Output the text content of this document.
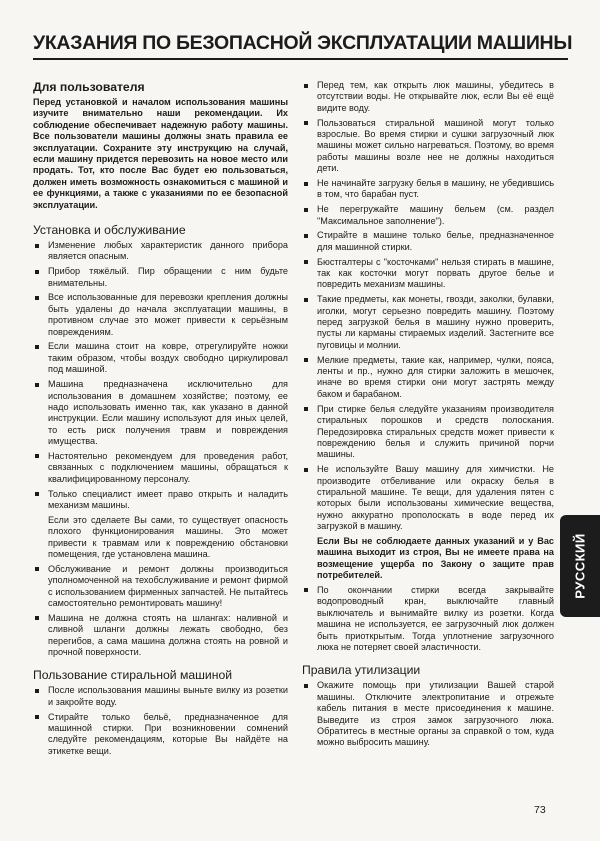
УКАЗАНИЯ ПО БЕЗОПАСНОЙ ЭКСПЛУАТАЦИИ МАШИНЫ
Для пользователя

Перед установкой и началом использования машины изучите внимательно наши рекомендации. Их соблюдение обеспечивает надежную работу машины. Все пользователи машины должны знать правила ее эксплуатации. Сохраните эту инструкцию на случай, если машину придется перевозить на новое место или продать. Тот, кто после Вас будет ею пользоваться, должен иметь возможность ознакомиться с машиной и ее функциями, а также с указаниями по ее безопасной эксплуатации.

Установка и обслуживание
Изменение любых характеристик данного прибора является опасным.
Прибор тяжёлый. Пир обращении с ним будьте внимательны.
Все использованные для перевозки крепления должны быть удалены до начала эксплуатации машины, в противном случае это может привести к серьёзным повреждениям.
Если машина стоит на ковре, отрегулируйте ножки таким образом, чтобы воздух свободно циркулировал под машиной.
Машина предназначена исключительно для использования в домашнем хозяйстве; поэтому, ее надо использовать именно так, как указано в данной инструкции. Если машину используют для иных целей, то есть риск получения травм и повреждения имущества.
Настоятельно рекомендуем для проведения работ, связанных с подключением машины, обращаться к квалифицированному персоналу.
Только специалист имеет право открыть и наладить механизм машины.

Если это сделаете Вы сами, то существует опасность плохого функционирования машины. Это может привести к травмам или к повреждению обстановки помещения, где установлена машина.

Обслуживание и ремонт должны производиться уполномоченной на техобслуживание и ремонт фирмой с использованием фирменных запчастей. Не пытайтесь самостоятельно ремонтировать машину!
Машина не должна стоять на шлангах: наливной и сливной шланги должны лежать свободно, без перегибов, а сама машина должна стоять на ровной и прочной поверхности.
Пользование стиральной машиной
После использования машины выньте вилку из розетки и закройте воду.
Стирайте только бельё, предназначенное для машинной стирки. При возникновении сомнений следуйте рекомендациям, которые Вы найдёте на этикетке вещи.
Перед тем, как открыть люк машины, убедитесь в отсутствии воды. Не открывайте люк, если Вы её ещё видите воду.
Пользоваться стиральной машиной могут только взрослые. Во время стирки и сушки загрузочный люк машины может сильно нагреваться. Поэтому, во время работы машины возле нее не должны находиться дети.
Не начинайте загрузку белья в машину, не убедившись в том, что барабан пуст.
Не перегружайте машину бельем (см. раздел "Максимальное заполнение").
Стирайте в машине только белье, предназначенное для машинной стирки.
Бюстгалтеры с "косточками" нельзя стирать в машине, так как косточки могут порвать другое белье и повредить механизм машины.
Такие предметы, как монеты, гвозди, заколки, булавки, иголки, могут серьезно повредить машину. Поэтому перед загрузкой белья в машину нужно проверить, пусты ли карманы стираемых изделий. Застегните все пуговицы и молнии.
Мелкие предметы, такие как, например, чулки, пояса, ленты и пр., нужно для стирки заложить в мешочек, иначе во время стирки они могут застрять между баком и барабаном.
При стирке белья следуйте указаниям производителя стиральных порошков и средств полоскания. Передозировка стиральных средств может привести к повреждению белья и служить причиной порчи машины.
Не используйте Вашу машину для химчистки. Не производите отбеливание или окраску белья в стиральной машине. Те вещи, для удаления пятен с которых были использованы химические вещества, нужно аккуратно прополоскать в воде перед их загрузкой в машину.

Если Вы не соблюдаете данных указаний и у Вас машина выходит из строя, Вы не имеете права на возмещение ущерба по Закону о защите прав потребителей.

По окончании стирки всегда закрывайте водопроводный кран, выключайте главный выключатель и вынимайте вилку из розетки. Когда машина не используется, ее загрузочный люк должен быть приоткрытым. Тогда уплотнение загрузочного люка не потеряет своей эластичности.
Правила утилизации
Окажите помощь при утилизации Вашей старой машины. Отключите электропитание и отрежьте кабель питания в месте присоединения к машине. Выведите из строя замок загрузочного люка. Обратитесь в местные органы за справкой о том, куда можно выбросить машину.
РУССКИЙ
73
